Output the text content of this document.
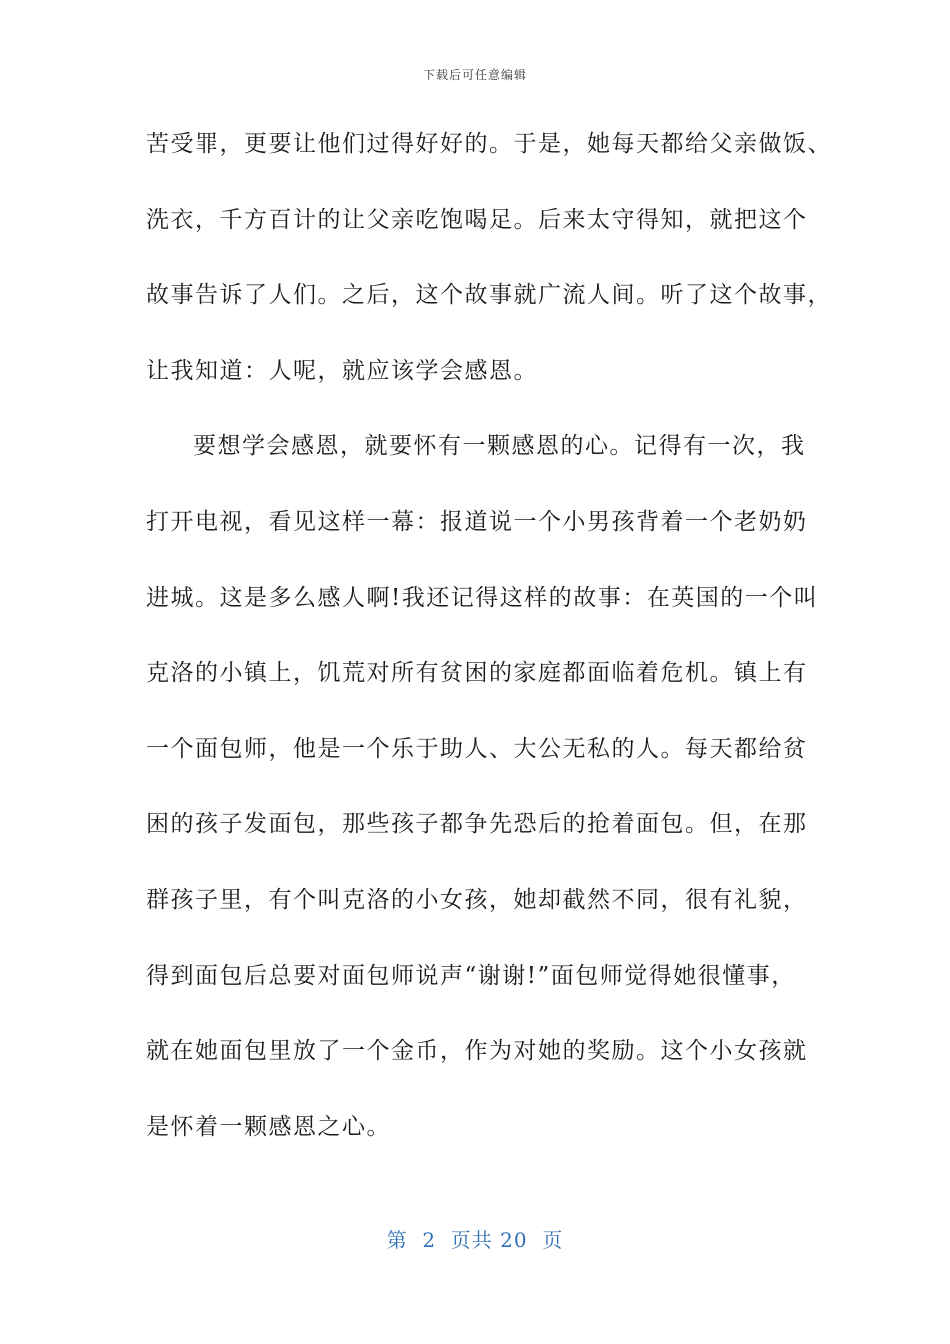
下载后可任意编辑
苦受罪，更要让他们过得好好的。于是，她每天都给父亲做饭、
洗衣，千方百计的让父亲吃饱喝足。后来太守得知，就把这个
故事告诉了人们。之后，这个故事就广流人间。听了这个故事，
让我知道：人呢，就应该学会感恩。
要想学会感恩，就要怀有一颗感恩的心。记得有一次，我
打开电视，看见这样一幕：报道说一个小男孩背着一个老奶奶
进城。这是多么感人啊!我还记得这样的故事：在英国的一个叫
克洛的小镇上，饥荒对所有贫困的家庭都面临着危机。镇上有
一个面包师，他是一个乐于助人、大公无私的人。每天都给贫
困的孩子发面包，那些孩子都争先恐后的抢着面包。但，在那
群孩子里，有个叫克洛的小女孩，她却截然不同，很有礼貌，
得到面包后总要对面包师说声“谢谢!”面包师觉得她很懂事，
就在她面包里放了一个金币，作为对她的奖励。这个小女孩就
是怀着一颗感恩之心。
第  2  页共 20  页
